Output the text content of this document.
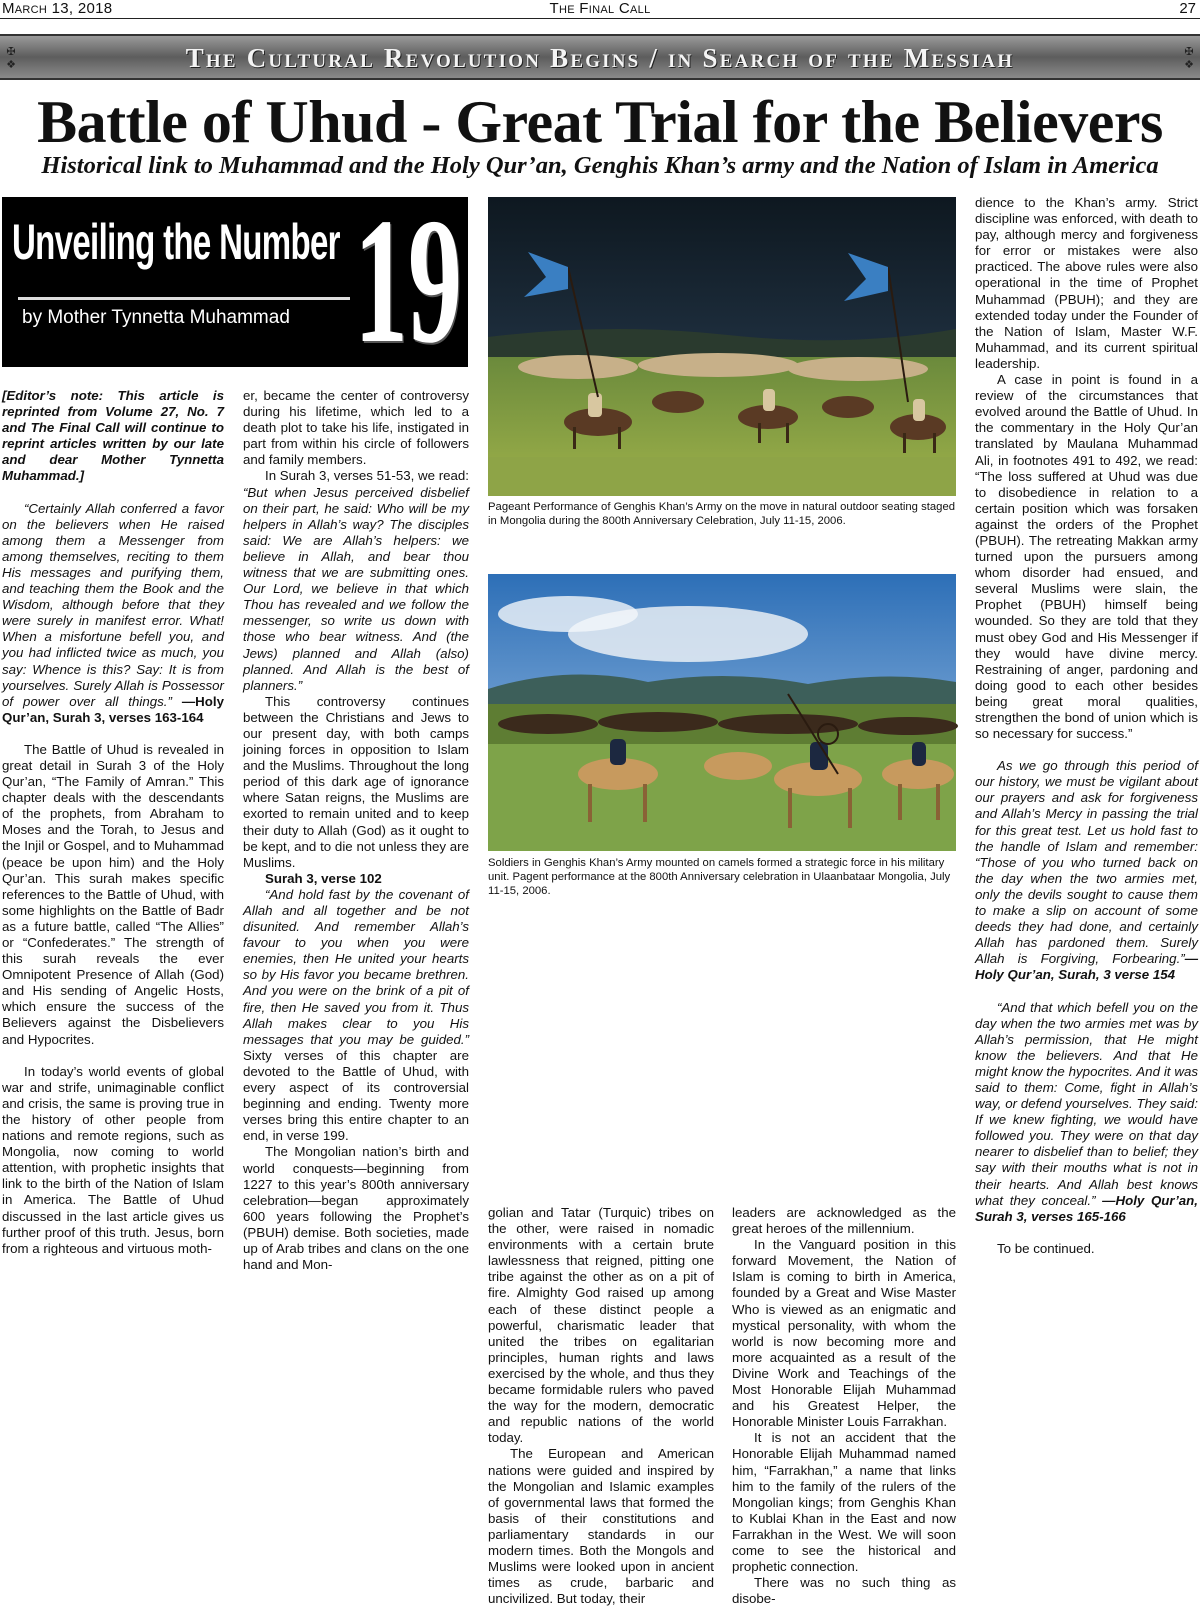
March 13, 2018	The Final Call	27
✠
❖	The Cultural Revolution Begins / in Search of the Messiah	✠
❖
Battle of Uhud - Great Trial for the Believers
Historical link to Muhammad and the Holy Qur’an, Genghis Khan’s army and the Nation of Islam in America
Unveiling the Number
by Mother Tynnetta Muhammad 19

[Editor’s note: This article is reprinted from Volume 27, No. 7 and The Final Call will continue to reprint articles written by our late and dear Mother Tynnetta Muhammad.]

“Certainly Allah conferred a favor on the believers when He raised among them a Messenger from among themselves, reciting to them His messages and purifying them, and teaching them the Book and the Wisdom, although before that they were surely in manifest error. What! When a misfortune befell you, and you had inflicted twice as much, you say: Whence is this? Say: It is from yourselves. Surely Allah is Possessor of power over all things.” —Holy Qur’an, Surah 3, verses 163-164

The Battle of Uhud is revealed in great detail in Surah 3 of the Holy Qur’an, “The Family of Amran.” This chapter deals with the descendants of the prophets, from Abraham to Moses and the Torah, to Jesus and the Injil or Gospel, and to Muhammad (peace be upon him) and the Holy Qur’an. This surah makes specific references to the Battle of Uhud, with some highlights on the Battle of Badr as a future battle, called “The Allies” or “Confederates.” The strength of this surah reveals the ever Omnipotent Presence of Allah (God) and His sending of Angelic Hosts, which ensure the success of the Believers against the Disbelievers and Hypocrites.

In today’s world events of global war and strife, unimaginable conflict and crisis, the same is proving true in the history of other people from nations and remote regions, such as Mongolia, now coming to world attention, with prophetic insights that link to the birth of the Nation of Islam in America. The Battle of Uhud discussed in the last article gives us further proof of this truth. Jesus, born from a righteous and virtuous moth-

er, became the center of controversy during his lifetime, which led to a death plot to take his life, instigated in part from within his circle of followers and family members.

In Surah 3, verses 51-53, we read: “But when Jesus perceived disbelief on their part, he said: Who will be my helpers in Allah’s way? The disciples said: We are Allah’s helpers: we believe in Allah, and bear thou witness that we are submitting ones. Our Lord, we believe in that which Thou has revealed and we follow the messenger, so write us down with those who bear witness. And (the Jews) planned and Allah (also) planned. And Allah is the best of planners.”

This controversy continues between the Christians and Jews to our present day, with both camps joining forces in opposition to Islam and the Muslims. Throughout the long period of this dark age of ignorance where Satan reigns, the Muslims are exorted to remain united and to keep their duty to Allah (God) as it ought to be kept, and to die not unless they are Muslims.

Surah 3, verse 102

“And hold fast by the covenant of Allah and all together and be not disunited. And remember Allah’s favour to you when you were enemies, then He united your hearts so by His favor you became brethren. And you were on the brink of a pit of fire, then He saved you from it. Thus Allah makes clear to you His messages that you may be guided.” Sixty verses of this chapter are devoted to the Battle of Uhud, with every aspect of its controversial beginning and ending. Twenty more verses bring this entire chapter to an end, in verse 199.

The Mongolian nation’s birth and world conquests—beginning from 1227 to this year’s 800th anniversary celebration—began approximately 600 years following the Prophet’s (PBUH) demise. Both societies, made up of Arab tribes and clans on the one hand and Mon-

Pageant Performance of Genghis Khan’s Army on the move in natural outdoor seating staged in Mongolia during the 800th Anniversary Celebration, July 11-15, 2006.
Soldiers in Genghis Khan’s Army mounted on camels formed a strategic force in his military unit. Pagent performance at the 800th Anniversary celebration in Ulaanbataar Mongolia, July 11-15, 2006.

golian and Tatar (Turquic) tribes on the other, were raised in nomadic environments with a certain brute lawlessness that reigned, pitting one tribe against the other as on a pit of fire. Almighty God raised up among each of these distinct people a powerful, charismatic leader that united the tribes on egalitarian principles, human rights and laws exercised by the whole, and thus they became formidable rulers who paved the way for the modern, democratic and republic nations of the world today.

The European and American nations were guided and inspired by the Mongolian and Islamic examples of governmental laws that formed the basis of their constitutions and parliamentary standards in our modern times. Both the Mongols and Muslims were looked upon in ancient times as crude, barbaric and uncivilized. But today, their

leaders are acknowledged as the great heroes of the millennium.

In the Vanguard position in this forward Movement, the Nation of Islam is coming to birth in America, founded by a Great and Wise Master Who is viewed as an enigmatic and mystical personality, with whom the world is now becoming more and more acquainted as a result of the Divine Work and Teachings of the Most Honorable Elijah Muhammad and his Greatest Helper, the Honorable Minister Louis Farrakhan.

It is not an accident that the Honorable Elijah Muhammad named him, “Farrakhan,” a name that links him to the family of the rulers of the Mongolian kings; from Genghis Khan to Kublai Khan in the East and now Farrakhan in the West. We will soon come to see the historical and prophetic connection.

There was no such thing as disobe-

dience to the Khan’s army. Strict discipline was enforced, with death to pay, although mercy and forgiveness for error or mistakes were also practiced. The above rules were also operational in the time of Prophet Muhammad (PBUH); and they are extended today under the Founder of the Nation of Islam, Master W.F. Muhammad, and its current spiritual leadership.

A case in point is found in a review of the circumstances that evolved around the Battle of Uhud. In the commentary in the Holy Qur’an translated by Maulana Muhammad Ali, in footnotes 491 to 492, we read: “The loss suffered at Uhud was due to disobedience in relation to a certain position which was forsaken against the orders of the Prophet (PBUH). The retreating Makkan army turned upon the pursuers among whom disorder had ensued, and several Muslims were slain, the Prophet (PBUH) himself being wounded. So they are told that they must obey God and His Messenger if they would have divine mercy. Restraining of anger, pardoning and doing good to each other besides being great moral qualities, strengthen the bond of union which is so necessary for success.”

As we go through this period of our history, we must be vigilant about our prayers and ask for forgiveness and Allah’s Mercy in passing the trial for this great test. Let us hold fast to the handle of Islam and remember: “Those of you who turned back on the day when the two armies met, only the devils sought to cause them to make a slip on account of some deeds they had done, and certainly Allah has pardoned them. Surely Allah is Forgiving, Forbearing.”—Holy Qur’an, Surah, 3 verse 154

“And that which befell you on the day when the two armies met was by Allah’s permission, that He might know the believers. And that He might know the hypocrites. And it was said to them: Come, fight in Allah’s way, or defend yourselves. They said: If we knew fighting, we would have followed you. They were on that day nearer to disbelief than to belief; they say with their mouths what is not in their hearts. And Allah best knows what they conceal.” —Holy Qur’an, Surah 3, verses 165-166

To be continued.
